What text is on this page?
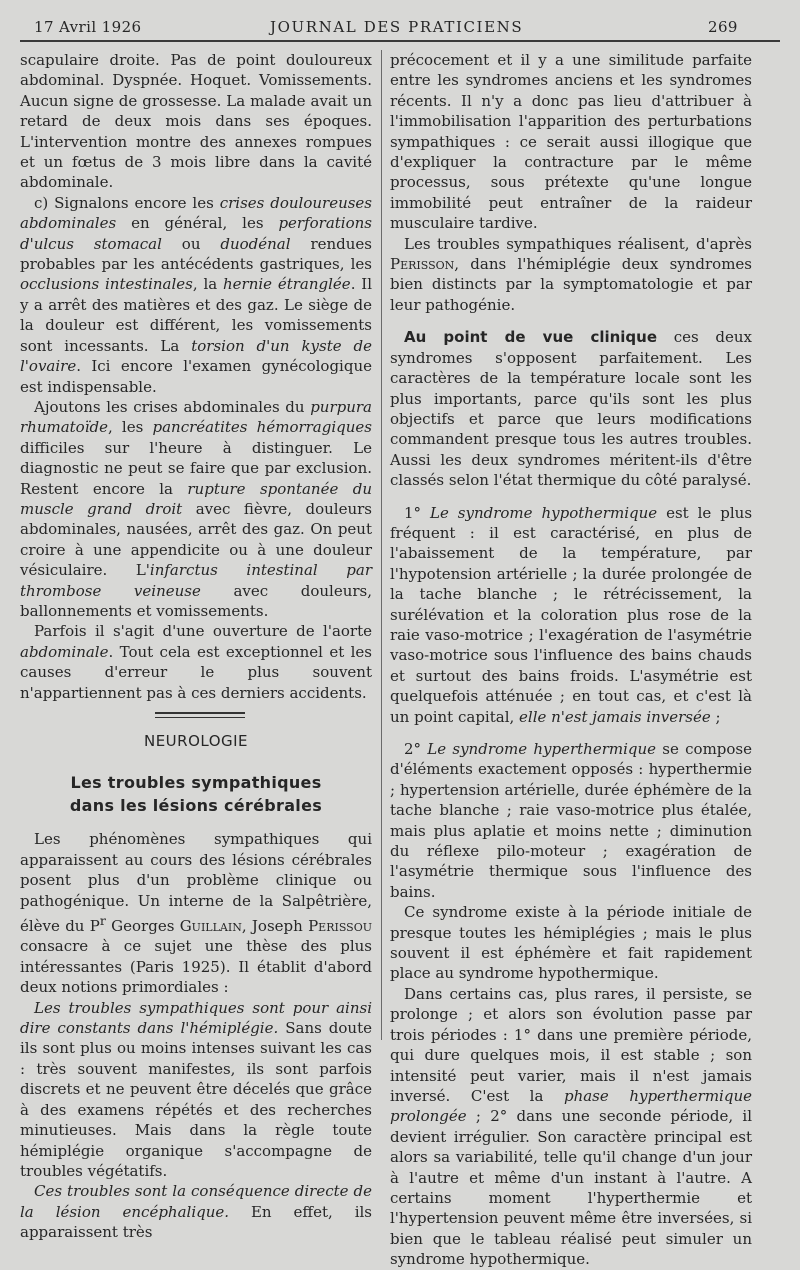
17 Avril 1926	JOURNAL DES PRATICIENS	269

scapulaire droite. Pas de point douloureux abdominal. Dyspnée. Hoquet. Vomissements. Aucun signe de grossesse. La malade avait un retard de deux mois dans ses époques. L'intervention montre des annexes rompues et un fœtus de 3 mois libre dans la cavité abdominale.

c) Signalons encore les crises douloureuses abdominales en général, les perforations d'ulcus stomacal ou duodénal rendues probables par les antécédents gastriques, les occlusions intestinales, la hernie étranglée. Il y a arrêt des matières et des gaz. Le siège de la douleur est différent, les vomissements sont incessants. La torsion d'un kyste de l'ovaire. Ici encore l'examen gynécologique est indispensable.

Ajoutons les crises abdominales du purpura rhumatoïde, les pancréatites hémorragiques difficiles sur l'heure à distinguer. Le diagnostic ne peut se faire que par exclusion. Restent encore la rupture spontanée du muscle grand droit avec fièvre, douleurs abdominales, nausées, arrêt des gaz. On peut croire à une appendicite ou à une douleur vésiculaire. L'infarctus intestinal par thrombose veineuse avec douleurs, ballonnements et vomissements.

Parfois il s'agit d'une ouverture de l'aorte abdominale. Tout cela est exceptionnel et les causes d'erreur le plus souvent n'appartiennent pas à ces derniers accidents.

NEUROLOGIE
Les troubles sympathiques
dans les lésions cérébrales

Les phénomènes sympathiques qui apparaissent au cours des lésions cérébrales posent plus d'un problème clinique ou pathogénique. Un interne de la Salpêtrière, élève du $P^r$ Georges Guillain, Joseph Perissou consacre à ce sujet une thèse des plus intéressantes (Paris 1925). Il établit d'abord deux notions primordiales :

Les troubles sympathiques sont pour ainsi dire constants dans l'hémiplégie. Sans doute ils sont plus ou moins intenses suivant les cas : très souvent manifestes, ils sont parfois discrets et ne peuvent être décelés que grâce à des examens répétés et des recherches minutieuses. Mais dans la règle toute hémiplégie organique s'accompagne de troubles végétatifs.

Ces troubles sont la conséquence directe de la lésion encéphalique. En effet, ils apparaissent très

précocement et il y a une similitude parfaite entre les syndromes anciens et les syndromes récents. Il n'y a donc pas lieu d'attribuer à l'immobilisation l'apparition des perturbations sympathiques : ce serait aussi illogique que d'expliquer la contracture par le même processus, sous prétexte qu'une longue immobilité peut entraîner de la raideur musculaire tardive.

Les troubles sympathiques réalisent, d'après Perisson, dans l'hémiplégie deux syndromes bien distincts par la symptomatologie et par leur pathogénie.

Au point de vue clinique ces deux syndromes s'opposent parfaitement. Les caractères de la température locale sont les plus importants, parce qu'ils sont les plus objectifs et parce que leurs modifications commandent presque tous les autres troubles. Aussi les deux syndromes méritent-ils d'être classés selon l'état thermique du côté paralysé.

1° Le syndrome hypothermique est le plus fréquent : il est caractérisé, en plus de l'abaissement de la température, par l'hypotension artérielle ; la durée prolongée de la tache blanche ; le rétrécissement, la surélévation et la coloration plus rose de la raie vaso-motrice ; l'exagération de l'asymétrie vaso-motrice sous l'influence des bains chauds et surtout des bains froids. L'asymétrie est quelquefois atténuée ; en tout cas, et c'est là un point capital, elle n'est jamais inversée ;

2° Le syndrome hyperthermique se compose d'éléments exactement opposés : hyperthermie ; hypertension artérielle, durée éphémère de la tache blanche ; raie vaso-motrice plus étalée, mais plus aplatie et moins nette ; diminution du réflexe pilo-moteur ; exagération de l'asymétrie thermique sous l'influence des bains.

Ce syndrome existe à la période initiale de presque toutes les hémiplégies ; mais le plus souvent il est éphémère et fait rapidement place au syndrome hypothermique.

Dans certains cas, plus rares, il persiste, se prolonge ; et alors son évolution passe par trois périodes : 1° dans une première période, qui dure quelques mois, il est stable ; son intensité peut varier, mais il n'est jamais inversé. C'est la phase hyperthermique prolongée ; 2° dans une seconde période, il devient irrégulier. Son caractère principal est alors sa variabilité, telle qu'il change d'un jour à l'autre et même d'un instant à l'autre. A certains moment l'hyperthermie et l'hypertension peuvent même être inversées, si bien que le tableau réalisé peut simuler un syndrome hypothermique.
